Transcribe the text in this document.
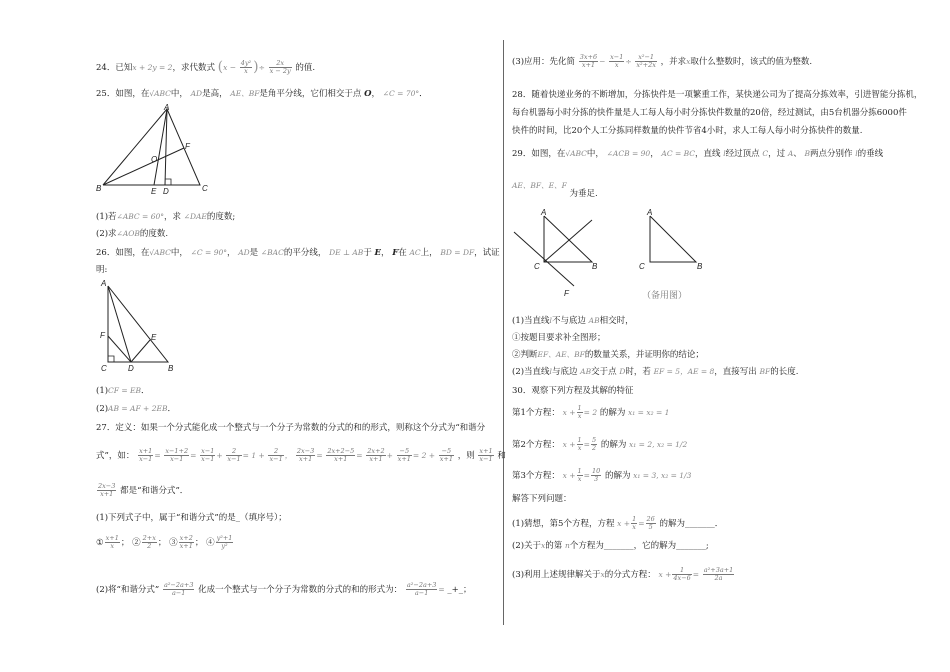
24．已知x + 2y = 2，求代数式 ($x - \frac{\text{4y²}}{x}$ )÷ $\frac{2x}{x - 2y}$ 的值.
25．如图，在√ABC中， AD是高， AE、BF是角平分线，它们相交于点 O， ∠C = 70°．
A
B	C
E D
O
F
(1)若∠ABC = 60°，求 ∠DAE的度数;
(2)求∠AOB的度数.
26．如图，在√ABC中， ∠C = 90°， AD是 ∠BAC的平分线， DE ⊥ AB于 E， F在 AC上， BD = DF，试证
明:
A
F
C	D	B
E
(1)CF = EB．
(2)AB = AF + 2EB．
27．定义：如果一个分式能化成一个整式与一个分子为常数的分式的和的形式，则称这个分式为“和谐分
式”，如： $\frac{x+1}{x-1} = \frac{x-1+2}{x-1} = \frac{x-1}{x-1} + \frac{2}{x-1} = 1 + \frac{2}{x-1}$ ， $\frac{2x-3}{x+1} = \frac{2x+2-5}{x+1} = \frac{2x+2}{x+1} + \frac{-5}{x+1} = 2 + \frac{-5}{x+1}$ ，则 $\frac{x+1}{x-1}$ 和
$\frac{2x-3}{x+1}$ 都是“和谐分式”．
(1)下列式子中，属于“和谐分式”的是_（填序号）；
① $\frac{x+1}{x}$ ； ② $\frac{2+x}{2}$ ； ③ $\frac{x+2}{x+1}$ ； ④ $\frac{\text{y²+1}}{\text{y²}}$
(2)将“和谐分式” $\frac{\text{a²−2a+3}}{a-1}$ 化成一个整式与一个分子为常数的分式的和的形式为： $\frac{\text{a²−2a+3}}{a-1}$ = _+_；
(3)应用：先化简 $\frac{3x+6}{x+1} - \frac{x-1}{x} \div \frac{\text{x²−1}}{\text{x²+2x}}$ ，并求x取什么整数时，该式的值为整数.
28．随着快递业务的不断增加，分拣快件是一项繁重工作，某快递公司为了提高分拣效率，引进智能分拣机，
每台机器每小时分拣的快件量是人工每人每小时分拣快件数量的20倍，经过测试，由5台机器分拣6000件
快件的时间，比20个人工分拣同样数量的快件节省4小时，求人工每人每小时分拣快件的数量.
29．如图，在√ABC中， ∠ACB = 90， AC = BC，直线 l经过顶点 C，过 A、 B两点分别作 l的垂线
AE、BF、E、F 为垂足.
A
C	B
F
A
C	B
（备用图）
(1)当直线l不与底边 AB相交时，
①按题目要求补全图形；
②判断EF、AE、BF的数量关系，并证明你的结论；
(2)当直线l与底边 AB交于点 D时，若 EF = 5，AE = 8，直接写出 BF的长度.
30．观察下列方程及其解的特征
第1个方程： $x + \frac{1}{x} = 2$ 的解为 x₁ = x₂ = 1
第2个方程： $x + \frac{1}{x} = \frac{5}{2}$ 的解为 x₁ = 2, x₂ = 1/2
第3个方程： $x + \frac{1}{x} = \frac{10}{3}$ 的解为 x₁ = 3, x₂ = 1/3
解答下列问题：
(1)猜想，第5个方程，方程 $x + \frac{1}{x} = \frac{26}{5}$ 的解为_______．
(2)关于x的第 n个方程为_______，它的解为_______;
(3)利用上述规律解关于x的分式方程： $x + \frac{1}{4x-6} = \frac{\text{a²+3a+1}}{2a}$
